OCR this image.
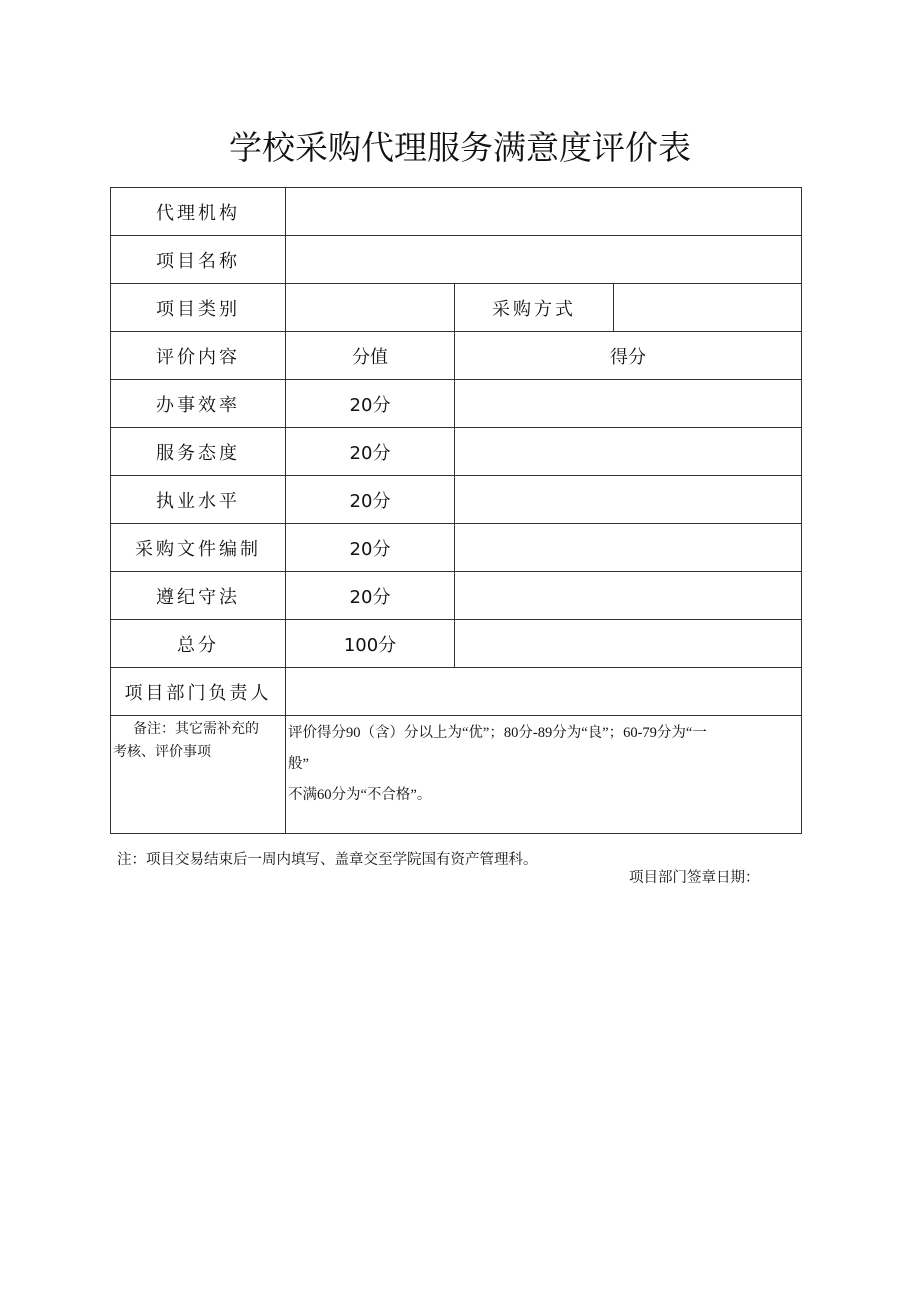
学校采购代理服务满意度评价表
代理机构			
项目名称			
项目类别		采购方式	
评价内容	分值	得分	
办事效率	20分		
服务态度	20分		
执业水平	20分		
采购文件编制	20分		
遵纪守法	20分		
总分	100分		
项目部门负责人			

备注：其它需补充的
考核、评价事项	评价得分90（含）分以上为“优”；80分-89分为“良”；60-79分为“一
般”
不满60分为“不合格”。		
注：项目交易结束后一周内填写、盖章交至学院国有资产管理科。
项目部门签章日期：
